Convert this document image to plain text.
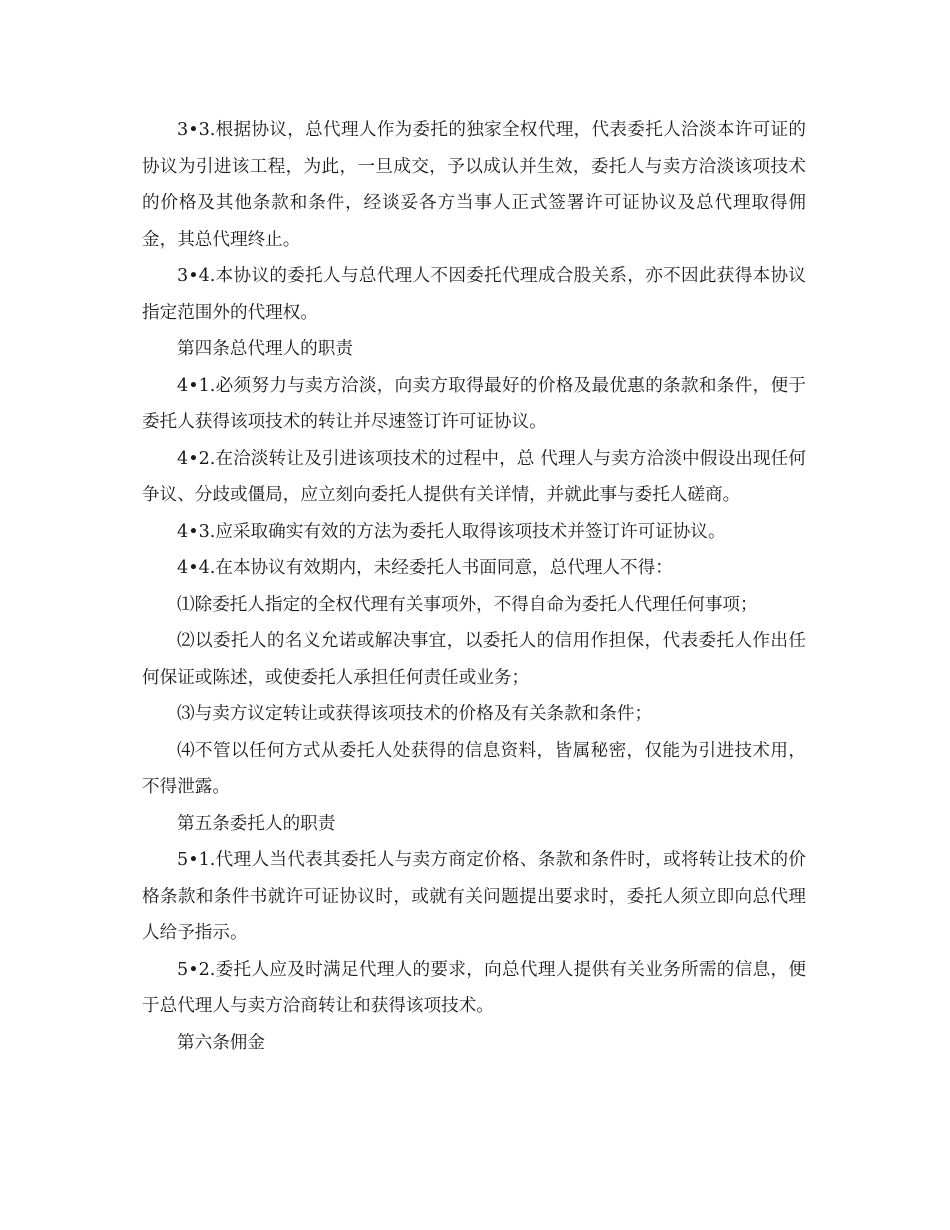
3•3.根据协议，总代理人作为委托的独家全权代理，代表委托人洽淡本许可证的协议为引进该工程，为此，一旦成交，予以成认并生效，委托人与卖方洽淡该项技术的价格及其他条款和条件，经谈妥各方当事人正式签署许可证协议及总代理取得佣金，其总代理终止。

3•4.本协议的委托人与总代理人不因委托代理成合股关系，亦不因此获得本协议指定范围外的代理权。

第四条总代理人的职责

4•1.必须努力与卖方洽淡，向卖方取得最好的价格及最优惠的条款和条件，便于委托人获得该项技术的转让并尽速签订许可证协议。

4•2.在洽淡转让及引进该项技术的过程中，总 代理人与卖方洽淡中假设出现任何争议、分歧或僵局，应立刻向委托人提供有关详情，并就此事与委托人磋商。

4•3.应采取确实有效的方法为委托人取得该项技术并签订许可证协议。

4•4.在本协议有效期内，未经委托人书面同意，总代理人不得：

⑴除委托人指定的全权代理有关事项外，不得自命为委托人代理任何事项；

⑵以委托人的名义允诺或解决事宜，以委托人的信用作担保，代表委托人作出任何保证或陈述，或使委托人承担任何责任或业务；

⑶与卖方议定转让或获得该项技术的价格及有关条款和条件；

⑷不管以任何方式从委托人处获得的信息资料，皆属秘密，仅能为引进技术用，不得泄露。

第五条委托人的职责

5•1.代理人当代表其委托人与卖方商定价格、条款和条件时，或将转让技术的价格条款和条件书就许可证协议时，或就有关问题提出要求时，委托人须立即向总代理人给予指示。

5•2.委托人应及时满足代理人的要求，向总代理人提供有关业务所需的信息，便于总代理人与卖方洽商转让和获得该项技术。

第六条佣金
